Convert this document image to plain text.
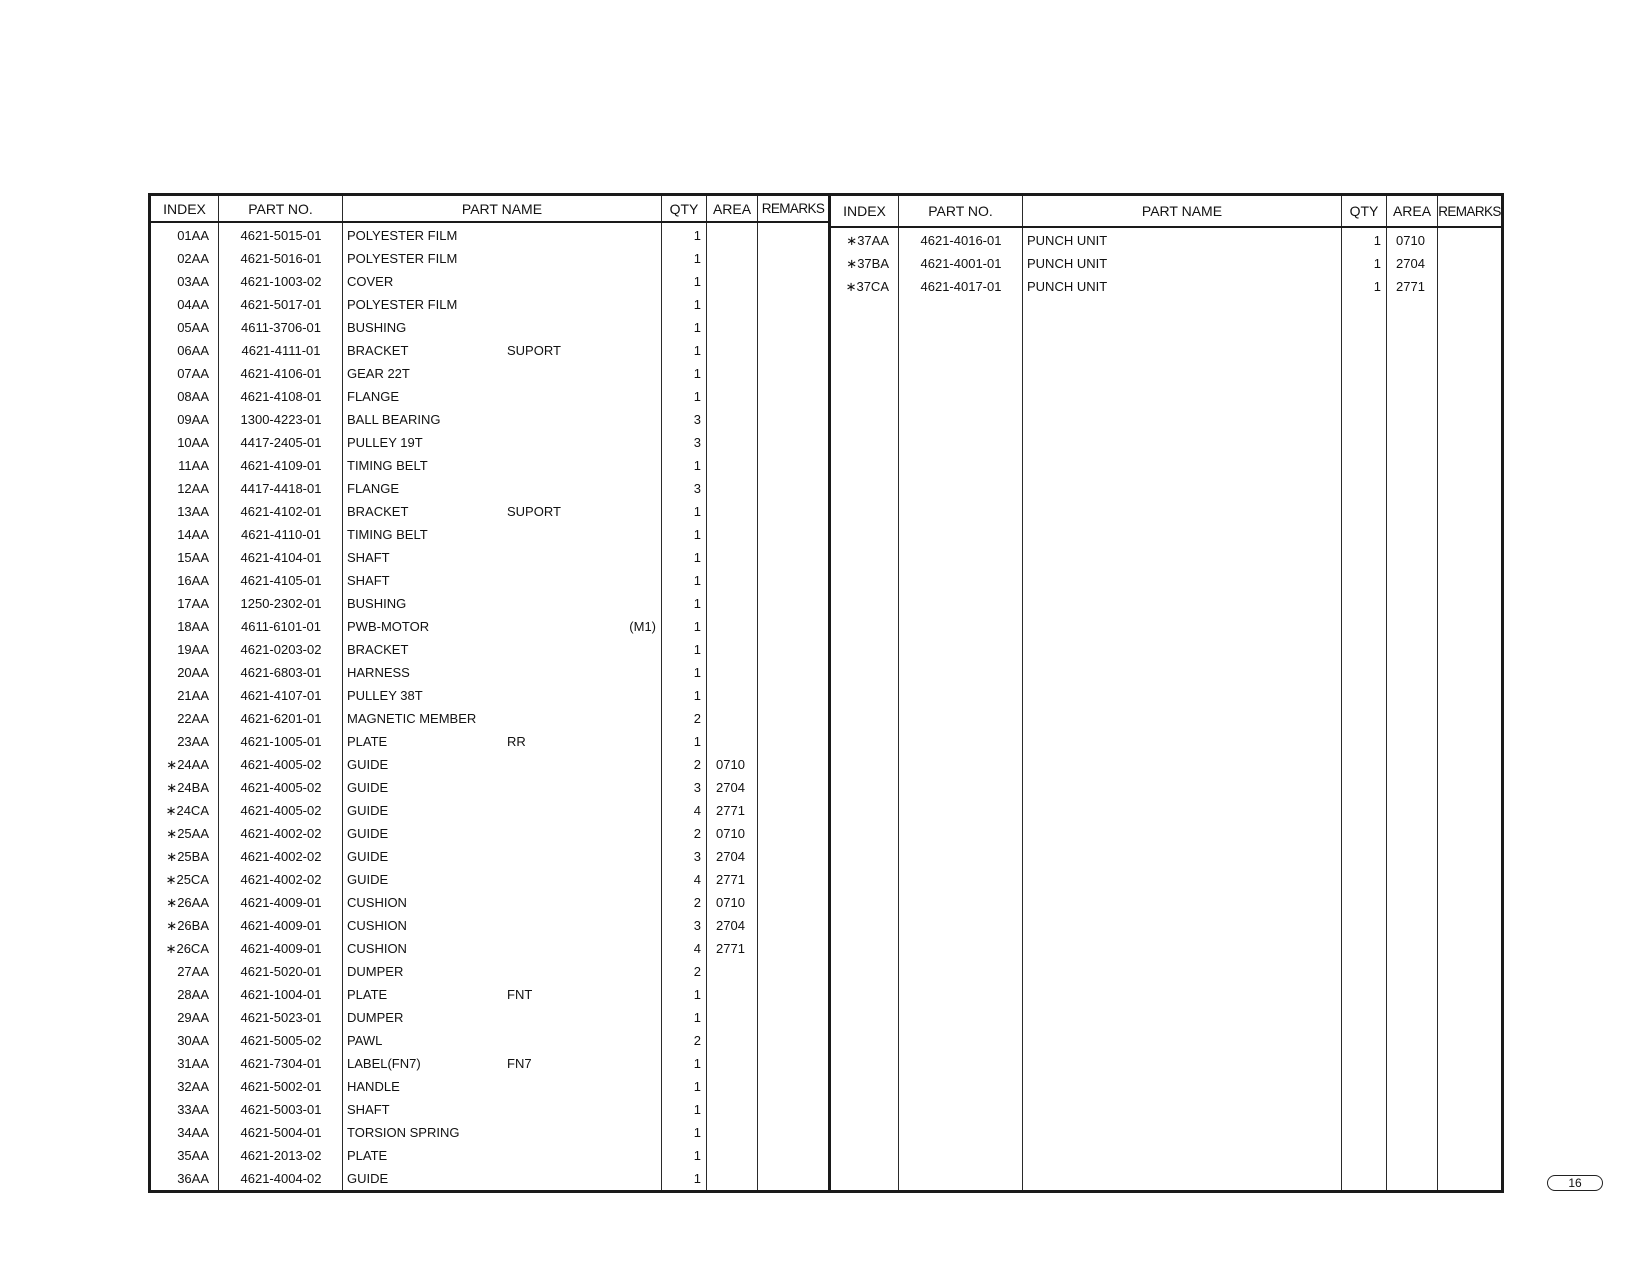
INDEX	PART NO.	PART NAME	QTY	AREA REMARKS
01AA	4621-5015-01	POLYESTER FILM	1
02AA	4621-5016-01	POLYESTER FILM	1
03AA	4621-1003-02	COVER	1
04AA	4621-5017-01	POLYESTER FILM	1
05AA	4611-3706-01	BUSHING	1
06AA	4621-4111-01	BRACKET	SUPORT	1
07AA	4621-4106-01	GEAR 22T	1
08AA	4621-4108-01	FLANGE	1
09AA	1300-4223-01	BALL BEARING	3
10AA	4417-2405-01	PULLEY 19T	3
11AA	4621-4109-01	TIMING BELT	1
12AA	4417-4418-01	FLANGE	3
13AA	4621-4102-01	BRACKET	SUPORT	1
14AA	4621-4110-01	TIMING BELT	1
15AA	4621-4104-01	SHAFT	1
16AA	4621-4105-01	SHAFT	1
17AA	1250-2302-01	BUSHING	1
18AA	4611-6101-01	PWB-MOTOR	(M1)	1
19AA	4621-0203-02	BRACKET	1
20AA	4621-6803-01	HARNESS	1
21AA	4621-4107-01	PULLEY 38T	1
22AA	4621-6201-01	MAGNETIC MEMBER	2
23AA	4621-1005-01	PLATE	RR	1
∗24AA	4621-4005-02	GUIDE	2	0710
∗24BA	4621-4005-02	GUIDE	3	2704
∗24CA	4621-4005-02	GUIDE	4	2771
∗25AA	4621-4002-02	GUIDE	2	0710
∗25BA	4621-4002-02	GUIDE	3	2704
∗25CA	4621-4002-02	GUIDE	4	2771
∗26AA	4621-4009-01	CUSHION	2	0710
∗26BA	4621-4009-01	CUSHION	3	2704
∗26CA	4621-4009-01	CUSHION	4	2771
27AA	4621-5020-01	DUMPER	2
28AA	4621-1004-01	PLATE	FNT	1
29AA	4621-5023-01	DUMPER	1
30AA	4621-5005-02	PAWL	2
31AA	4621-7304-01	LABEL(FN7)	FN7	1
32AA	4621-5002-01	HANDLE	1
33AA	4621-5003-01	SHAFT	1
34AA	4621-5004-01	TORSION SPRING	1
35AA	4621-2013-02	PLATE	1
36AA	4621-4004-02	GUIDE	1
INDEX	PART NO.	PART NAME	QTY	AREA REMARKS
∗37AA	4621-4016-01	PUNCH UNIT	1	0710
∗37BA	4621-4001-01	PUNCH UNIT	1	2704
∗37CA	4621-4017-01	PUNCH UNIT	1	2771
16
